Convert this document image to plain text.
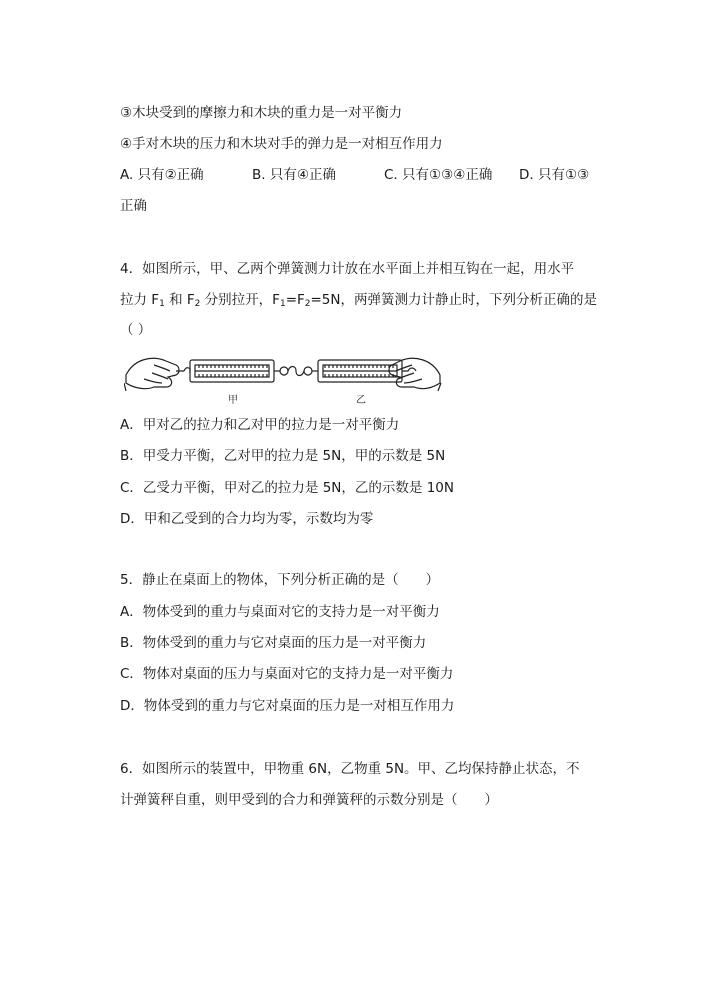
③木块受到的摩擦力和木块的重力是一对平衡力
④手对木块的压力和木块对手的弹力是一对相互作用力
A. 只有②正确	B. 只有④正确	C. 只有①③④正确 D. 只有①③
正确
4．如图所示，甲、乙两个弹簧测力计放在水平面上并相互钩在一起，用水平
拉力 $F_1$ 和 $F_2$ 分别拉开，$F_1=F_2=5N$，两弹簧测力计静止时，下列分析正确的是
（ ）
甲	乙
A．甲对乙的拉力和乙对甲的拉力是一对平衡力
B．甲受力平衡，乙对甲的拉力是 5N，甲的示数是 5N
C．乙受力平衡，甲对乙的拉力是 5N，乙的示数是 10N
D．甲和乙受到的合力均为零，示数均为零
5．静止在桌面上的物体，下列分析正确的是（　　）
A．物体受到的重力与桌面对它的支持力是一对平衡力
B．物体受到的重力与它对桌面的压力是一对平衡力
C．物体对桌面的压力与桌面对它的支持力是一对平衡力
D．物体受到的重力与它对桌面的压力是一对相互作用力
6．如图所示的装置中，甲物重 6N，乙物重 5N。甲、乙均保持静止状态，不
计弹簧秤自重，则甲受到的合力和弹簧秤的示数分别是（　　）
